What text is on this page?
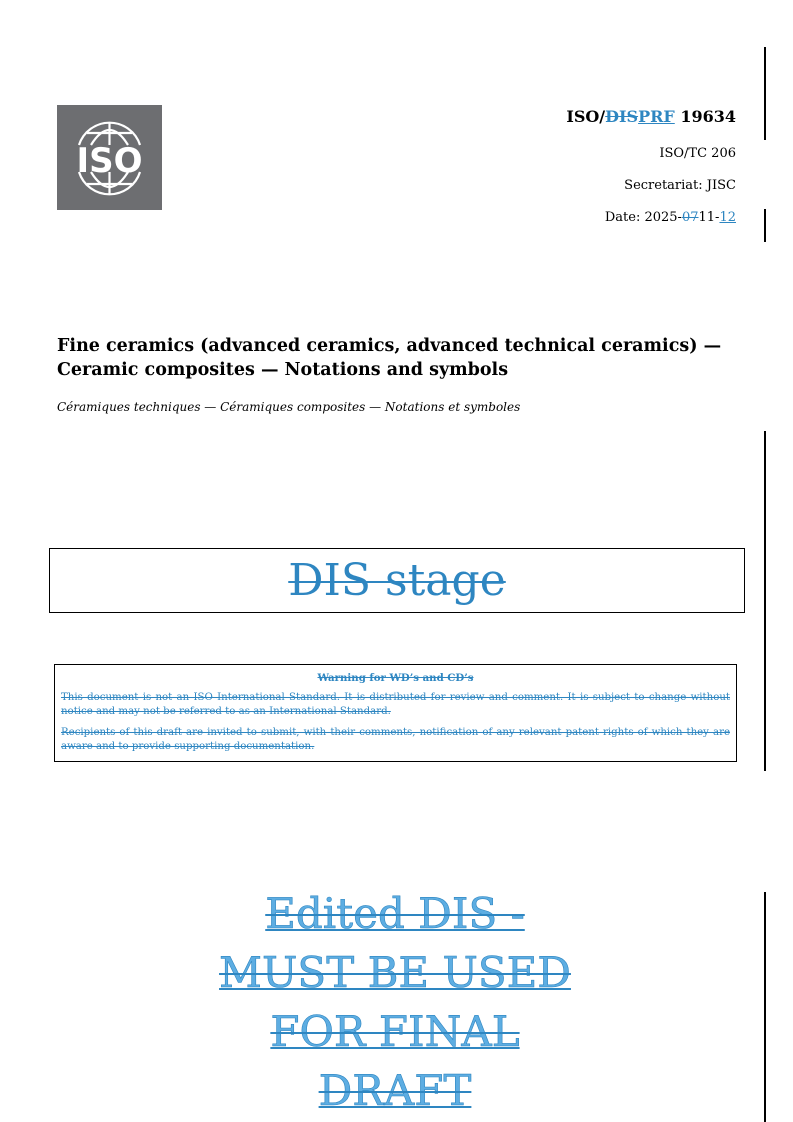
ISO
ISO/DISPRF 19634
ISO/TC 206
Secretariat: JISC
Date: 2025-0711-12
Fine ceramics (advanced ceramics, advanced technical ceramics) —
Ceramic composites — Notations and symbols
Céramiques techniques — Céramiques composites — Notations et symboles
DIS stage
Warning for WD’s and CD’s

This document is not an ISO International Standard. It is distributed for review and comment. It is subject to change without notice and may not be referred to as an International Standard.

Recipients of this draft are invited to submit, with their comments, notification of any relevant patent rights of which they are aware and to provide supporting documentation.

Edited DIS -
MUST BE USED
FOR FINAL
DRAFT
